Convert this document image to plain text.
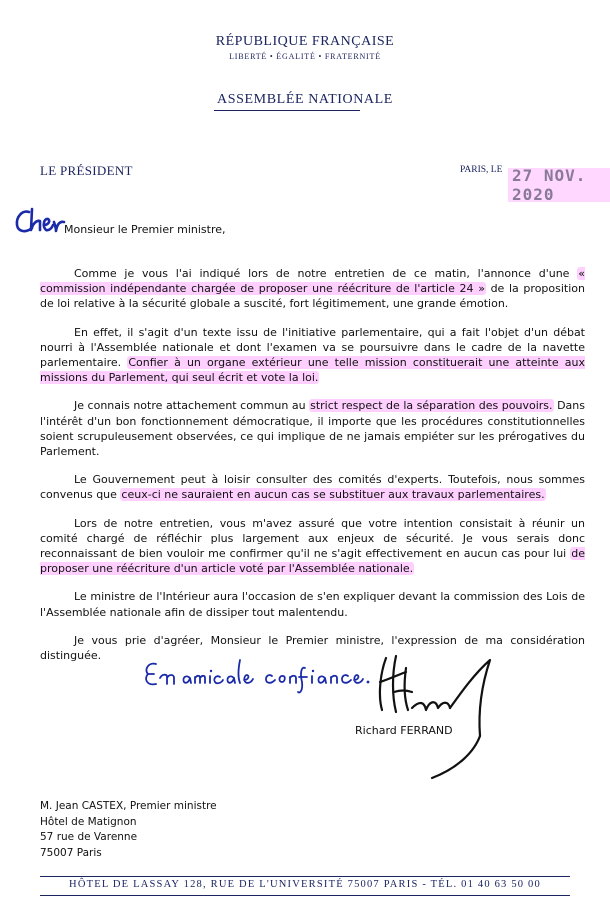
RÉPUBLIQUE FRANÇAISE
LIBERTÉ • ÉGALITÉ • FRATERNITÉ
ASSEMBLÉE NATIONALE
LE PRÉSIDENT	PARIS, LE 27 NOV. 2020
Monsieur le Premier ministre,

Comme je vous l'ai indiqué lors de notre entretien de ce matin, l'annonce d'une « commission indépendante chargée de proposer une réécriture de l'article 24 » de la proposition de loi relative à la sécurité globale a suscité, fort légitimement, une grande émotion.

En effet, il s'agit d'un texte issu de l'initiative parlementaire, qui a fait l'objet d'un débat nourri à l'Assemblée nationale et dont l'examen va se poursuivre dans le cadre de la navette parlementaire. Confier à un organe extérieur une telle mission constituerait une atteinte aux missions du Parlement, qui seul écrit et vote la loi.

Je connais notre attachement commun au strict respect de la séparation des pouvoirs. Dans l'intérêt d'un bon fonctionnement démocratique, il importe que les procédures constitutionnelles soient scrupuleusement observées, ce qui implique de ne jamais empiéter sur les prérogatives du Parlement.

Le Gouvernement peut à loisir consulter des comités d'experts. Toutefois, nous sommes convenus que ceux-ci ne sauraient en aucun cas se substituer aux travaux parlementaires.

Lors de notre entretien, vous m'avez assuré que votre intention consistait à réunir un comité chargé de réfléchir plus largement aux enjeux de sécurité. Je vous serais donc reconnaissant de bien vouloir me confirmer qu'il ne s'agit effectivement en aucun cas pour lui de proposer une réécriture d'un article voté par l'Assemblée nationale.

Le ministre de l'Intérieur aura l'occasion de s'en expliquer devant la commission des Lois de l'Assemblée nationale afin de dissiper tout malentendu.

Je vous prie d'agréer, Monsieur le Premier ministre, l'expression de ma considération distinguée.

Richard FERRAND
M. Jean CASTEX, Premier ministre
Hôtel de Matignon
57 rue de Varenne
75007 Paris
HÔTEL DE LASSAY 128, RUE DE L'UNIVERSITÉ 75007 PARIS - TÉL. 01 40 63 50 00
